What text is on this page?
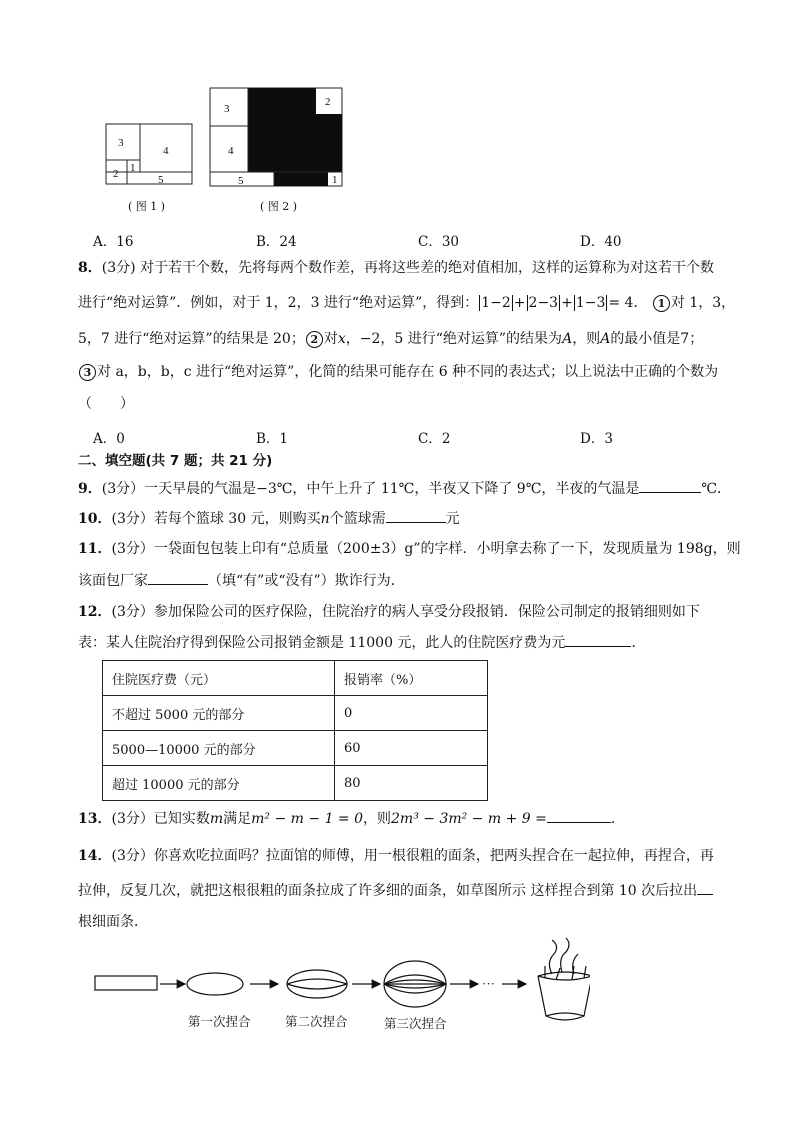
3
4
1
2	5
3
2
4
5	1
( 图 1 )	( 图 2 )
A．16	B．24	C．30	D．40
8．(3分) 对于若干个数，先将每两个数作差，再将这些差的绝对值相加，这样的运算称为对这若干个数
进行“绝对运算”．例如，对于 1，2，3 进行“绝对运算”，得到： 1−2 + 2−3 + 1−3 = 4． 1 对 1，3，
5，7 进行“绝对运算”的结果是 20； 2 对x，−2，5 进行“绝对运算”的结果为A，则A的最小值是7；
3 对 a，b，b，c 进行“绝对运算”，化简的结果可能存在 6 种不同的表达式；以上说法中正确的个数为
（　　）
A．0	B．1	C．2	D．3
二、填空题(共 7 题；共 21 分)
9．(3分）一天早晨的气温是−3℃，中午上升了 11℃，半夜又下降了 9℃，半夜的气温是	℃．
10．(3分）若每个篮球 30 元，则购买n个篮球需	元
11．(3分）一袋面包包装上印有“总质量（200±3）g”的字样．小明拿去称了一下，发现质量为 198g，则
该面包厂家	（填“有”或“没有”）欺诈行为．
12．(3分）参加保险公司的医疗保险，住院治疗的病人享受分段报销．保险公司制定的报销细则如下
表：某人住院治疗得到保险公司报销金额是 11000 元，此人的住院医疗费为元	．
住院医疗费（元）	报销率（%）
不超过 5000 元的部分	0
5000—10000 元的部分	60
超过 10000 元的部分	80
13．(3分）已知实数m满足m² − m − 1 = 0，则2m³ − 3m² − m + 9 =	．
14．(3分）你喜欢吃拉面吗？拉面馆的师傅，用一根很粗的面条，把两头捏合在一起拉伸，再捏合，再
拉伸，反复几次，就把这根很粗的面条拉成了许多细的面条，如草图所示 这样捏合到第 10 次后拉出
根细面条．
···
第一次捏合	第二次捏合	第三次捏合
